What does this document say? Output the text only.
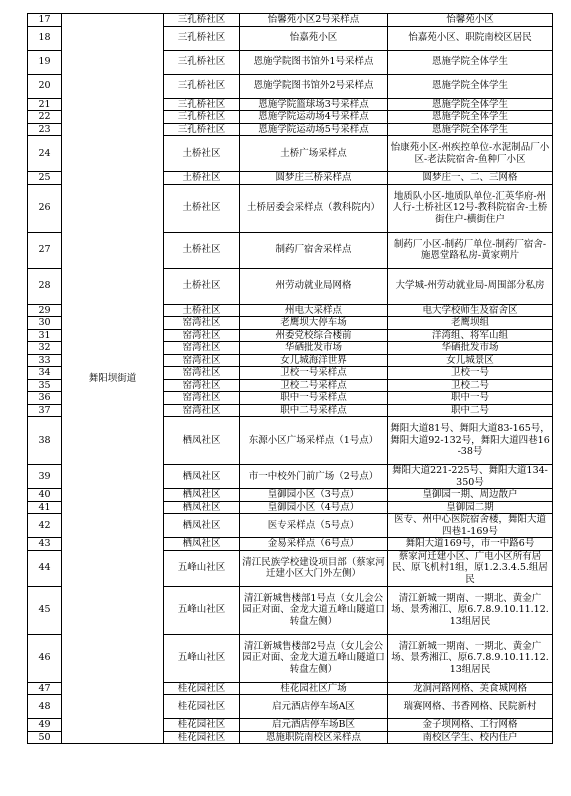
17	舞阳坝街道	三孔桥社区	怡馨苑小区2号采样点	怡馨苑小区
18		三孔桥社区	怡嘉苑小区	怡嘉苑小区、职院南校区居民
19		三孔桥社区	恩施学院图书馆外1号采样点	恩施学院全体学生
20		三孔桥社区	恩施学院图书馆外2号采样点	恩施学院全体学生
21		三孔桥社区	恩施学院篮球场3号采样点	恩施学院全体学生
22		三孔桥社区	恩施学院运动场4号采样点	恩施学院全体学生
23		三孔桥社区	恩施学院运动场5号采样点	恩施学院全体学生
24		土桥社区	土桥广场采样点	怡康苑小区-州疾控单位-水泥制品厂小区-老法院宿舍-鱼种厂小区
25		土桥社区	圆梦庄三桥采样点	圆梦庄一、二、三网格
26		土桥社区	土桥居委会采样点（教科院内）	地质队小区-地质队单位-汇英华府-州人行-土桥社区12号-教科院宿舍-土桥街住户-横街住户
27		土桥社区	制药厂宿舍采样点	制药厂小区-制药厂单位-制药厂宿舍-施恩堂路私房-黄家朔片
28		土桥社区	州劳动就业局网格	大学城-州劳动就业局-周围部分私房
29		土桥社区	州电大采样点	电大学校师生及宿舍区
30		窑湾社区	老鹰坝大停车场	老鹰坝组
31		窑湾社区	州委党校综合楼前	洋湾组、将军山组
32		窑湾社区	华硒批发市场	华硒批发市场
33		窑湾社区	女儿城海洋世界	女儿城景区
34		窑湾社区	卫校一号采样点	卫校一号
35		窑湾社区	卫校二号采样点	卫校二号
36		窑湾社区	职中一号采样点	职中一号
37		窑湾社区	职中二号采样点	职中二号
38		栖凤社区	东源小区广场采样点（1号点）	舞阳大道81号、舞阳大道83-165号，舞阳大道92-132号，舞阳大道四巷16-38号
39		栖凤社区	市一中校外门前广场（2号点）	舞阳大道221-225号、舞阳大道134-350号
40		栖凤社区	皇御园小区（3号点）	皇御园一期、周边散户
41		栖凤社区	皇御园小区（4号点）	皇御园二期
42		栖凤社区	医专采样点（5号点）	医专、州中心医院宿舍楼，舞阳大道四巷1-169号
43		栖凤社区	金易采样点（6号点）	舞阳大道169号，市一中路6号
44		五峰山社区	清江民族学校建设项目部（蔡家河迁建小区大门外左侧）	蔡家河迁建小区、广电小区所有居民、原飞机村1组，原1.2.3.4.5.组居民
45		五峰山社区	清江新城售楼部1号点（女儿会公园正对面、金龙大道五峰山隧道口转盘左侧）	清江新城一期南、一期北、黄金广场、景秀湘江、原6.7.8.9.10.11.12.13组居民
46		五峰山社区	清江新城售楼部2号点（女儿会公园正对面、金龙大道五峰山隧道口转盘左侧）	清江新城一期南、一期北、黄金广场、景秀湘江、原6.7.8.9.10.11.12.13组居民
47		桂花园社区	桂花园社区广场	龙洞河路网格、美食城网格
48		桂花园社区	启元酒店停车场A区	瑞赛网格、书香网格、民院新村
49		桂花园社区	启元酒店停车场B区	金子坝网格、工行网格
50		桂花园社区	恩施职院南校区采样点	南校区学生、校内住户
